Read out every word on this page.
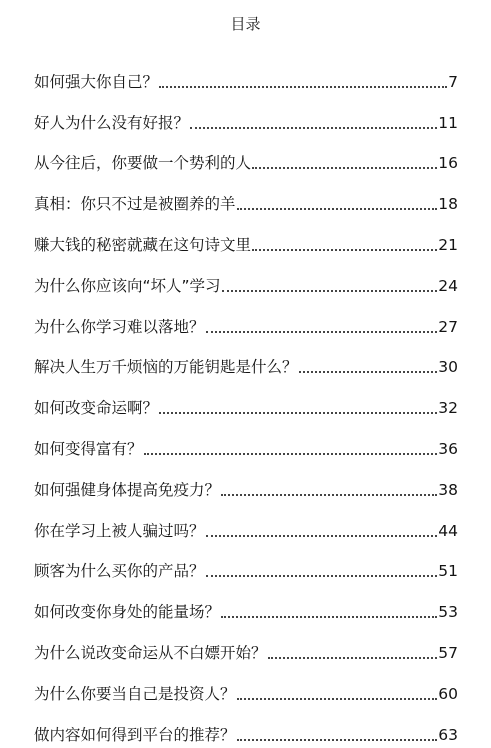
目录
如何强大你自己？	7
好人为什么没有好报？	11
从今往后，你要做一个势利的人	16
真相：你只不过是被圈养的羊	18
赚大钱的秘密就藏在这句诗文里	21
为什么你应该向“坏人”学习	24
为什么你学习难以落地？	27
解决人生万千烦恼的万能钥匙是什么？	30
如何改变命运啊？	32
如何变得富有？	36
如何强健身体提高免疫力？	38
你在学习上被人骗过吗？	44
顾客为什么买你的产品？	51
如何改变你身处的能量场？	53
为什么说改变命运从不白嫖开始？	57
为什么你要当自己是投资人？	60
做内容如何得到平台的推荐？	63
